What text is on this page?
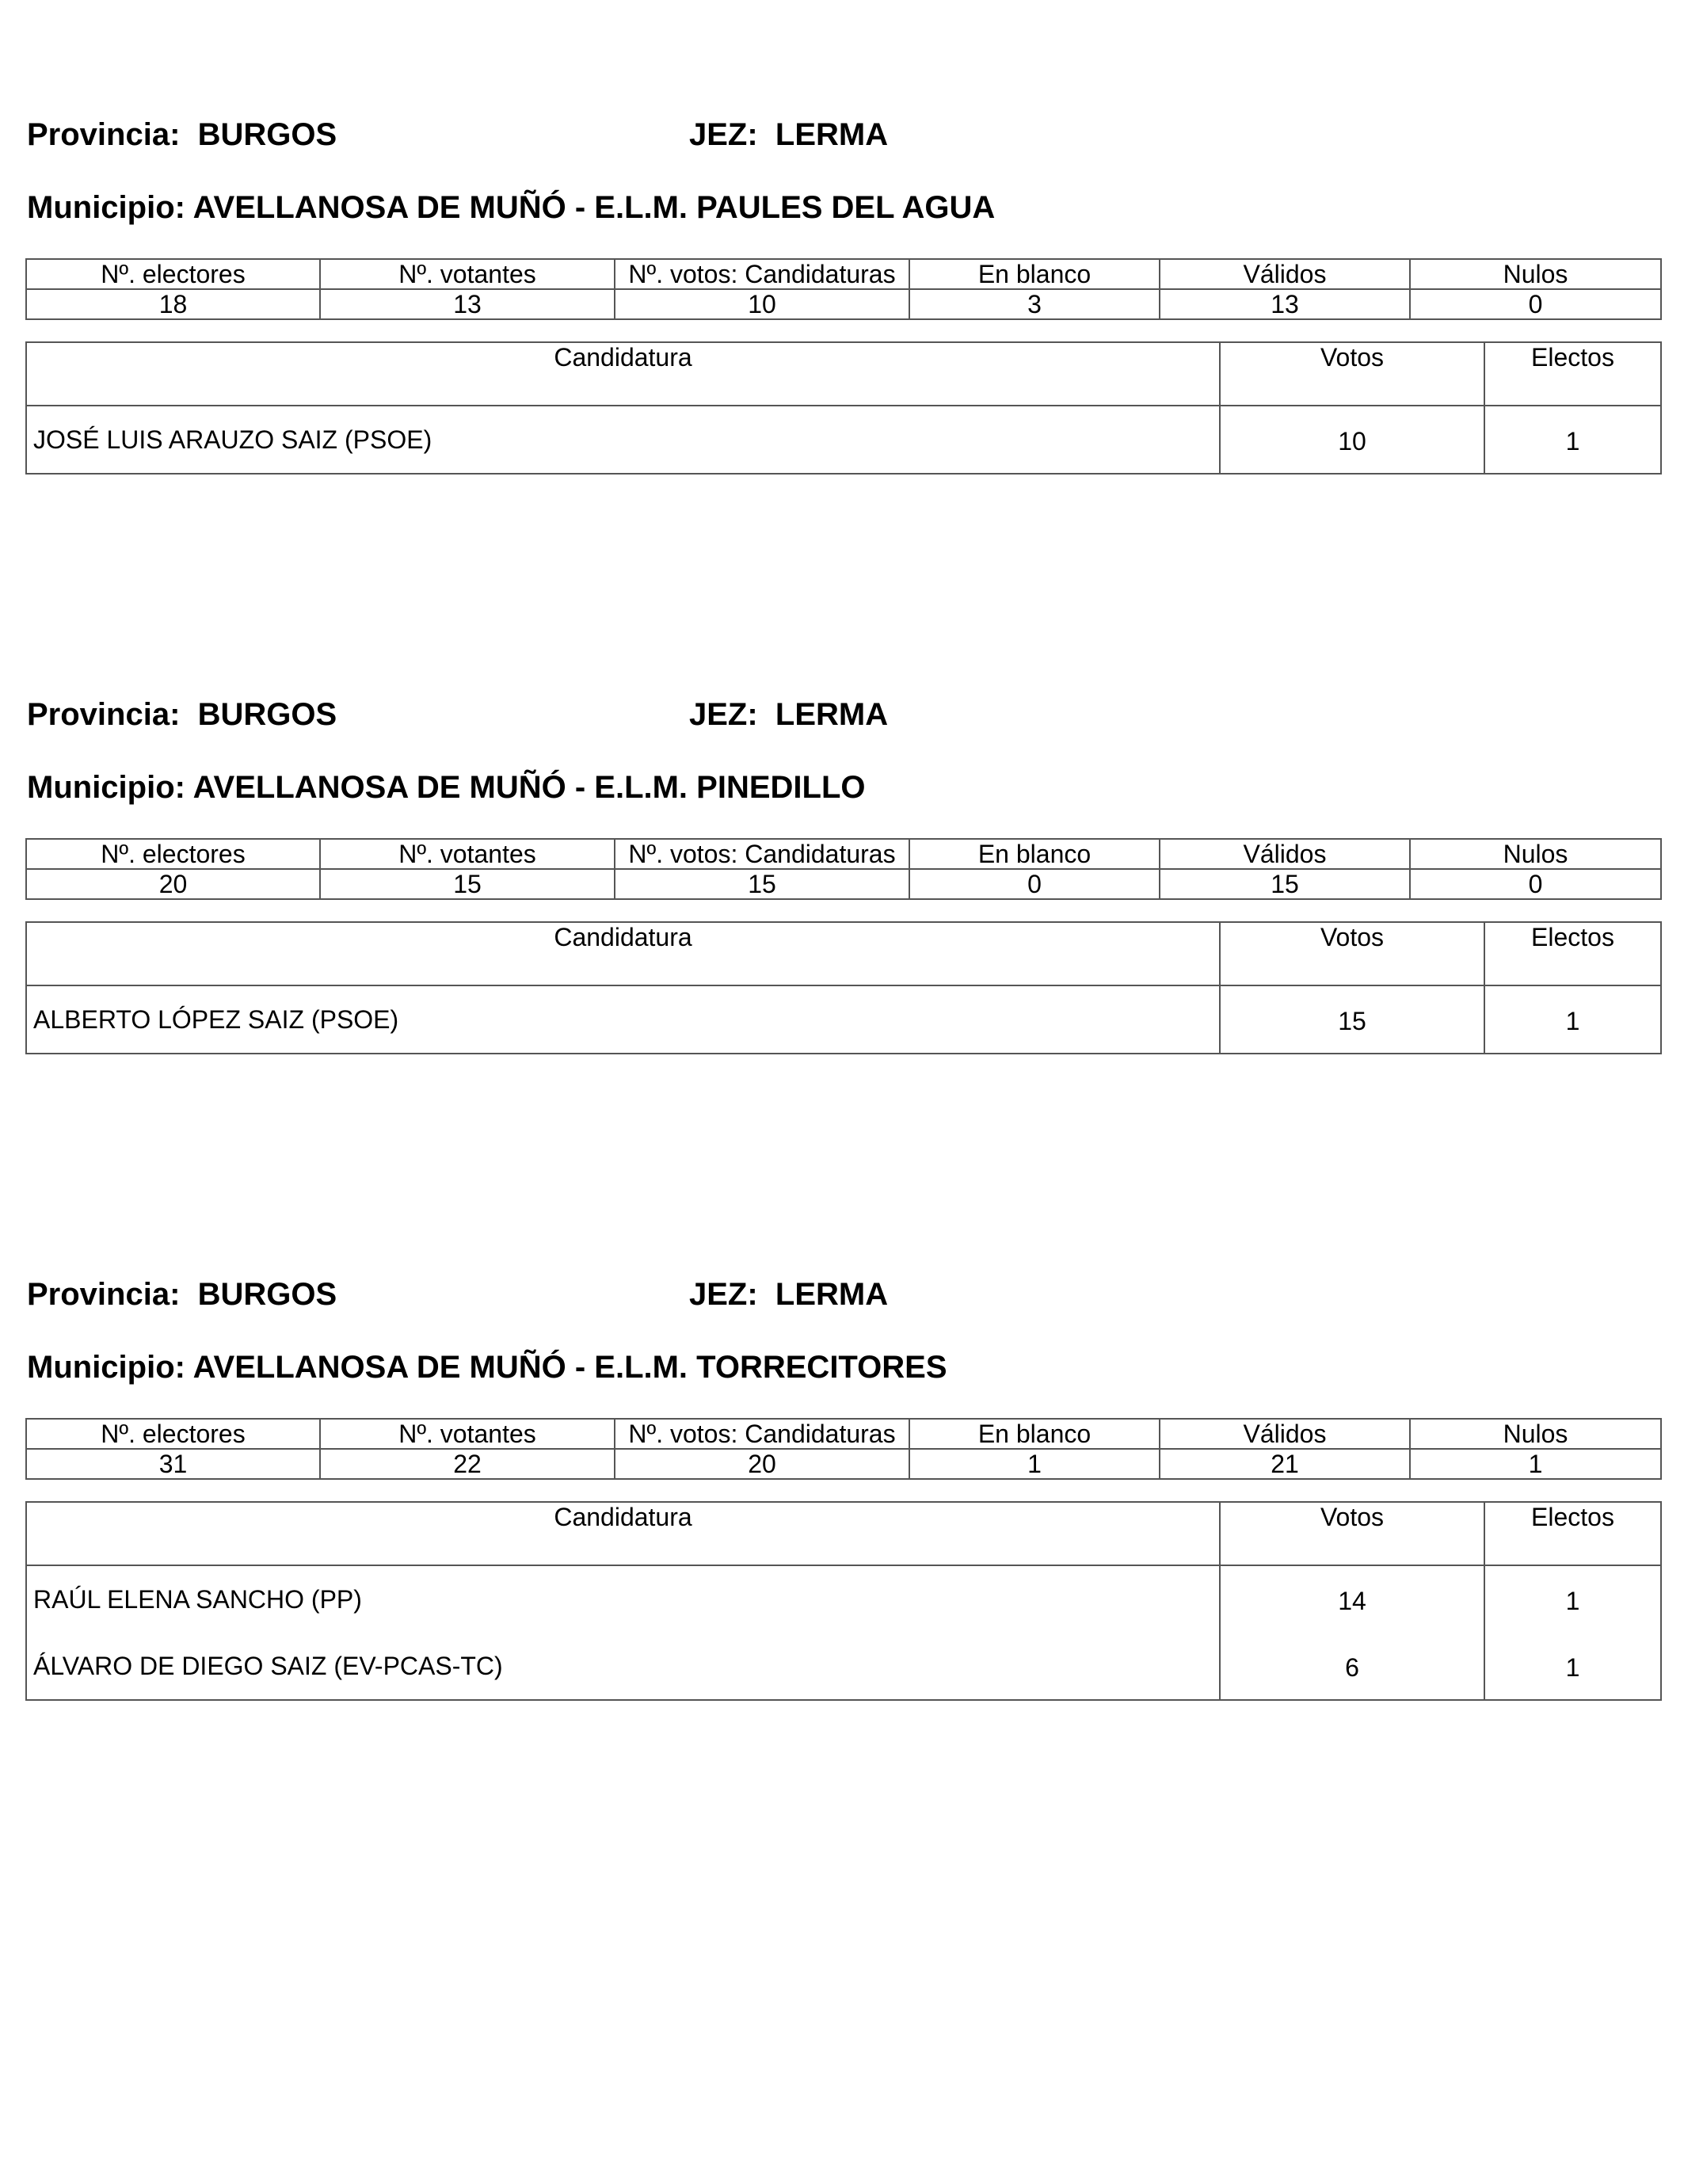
Provincia: BURGOS	JEZ: LERMA
Municipio: AVELLANOSA DE MUÑÓ - E.L.M. PAULES DEL AGUA
Nº. electores	Nº. votantes	Nº. votos: Candidaturas	En blanco	Válidos	Nulos
18	13	10	3	13	0
Candidatura	Votos	Electos
JOSÉ LUIS ARAUZO SAIZ (PSOE)	10	1
Provincia: BURGOS	JEZ: LERMA
Municipio: AVELLANOSA DE MUÑÓ - E.L.M. PINEDILLO
Nº. electores	Nº. votantes	Nº. votos: Candidaturas	En blanco	Válidos	Nulos
20	15	15	0	15	0
Candidatura	Votos	Electos
ALBERTO LÓPEZ SAIZ (PSOE)	15	1
Provincia: BURGOS	JEZ: LERMA
Municipio: AVELLANOSA DE MUÑÓ - E.L.M. TORRECITORES
Nº. electores	Nº. votantes	Nº. votos: Candidaturas	En blanco	Válidos	Nulos
31	22	20	1	21	1
Candidatura	Votos	Electos
RAÚL ELENA SANCHO (PP)	14	1
ÁLVARO DE DIEGO SAIZ (EV-PCAS-TC)	6	1
